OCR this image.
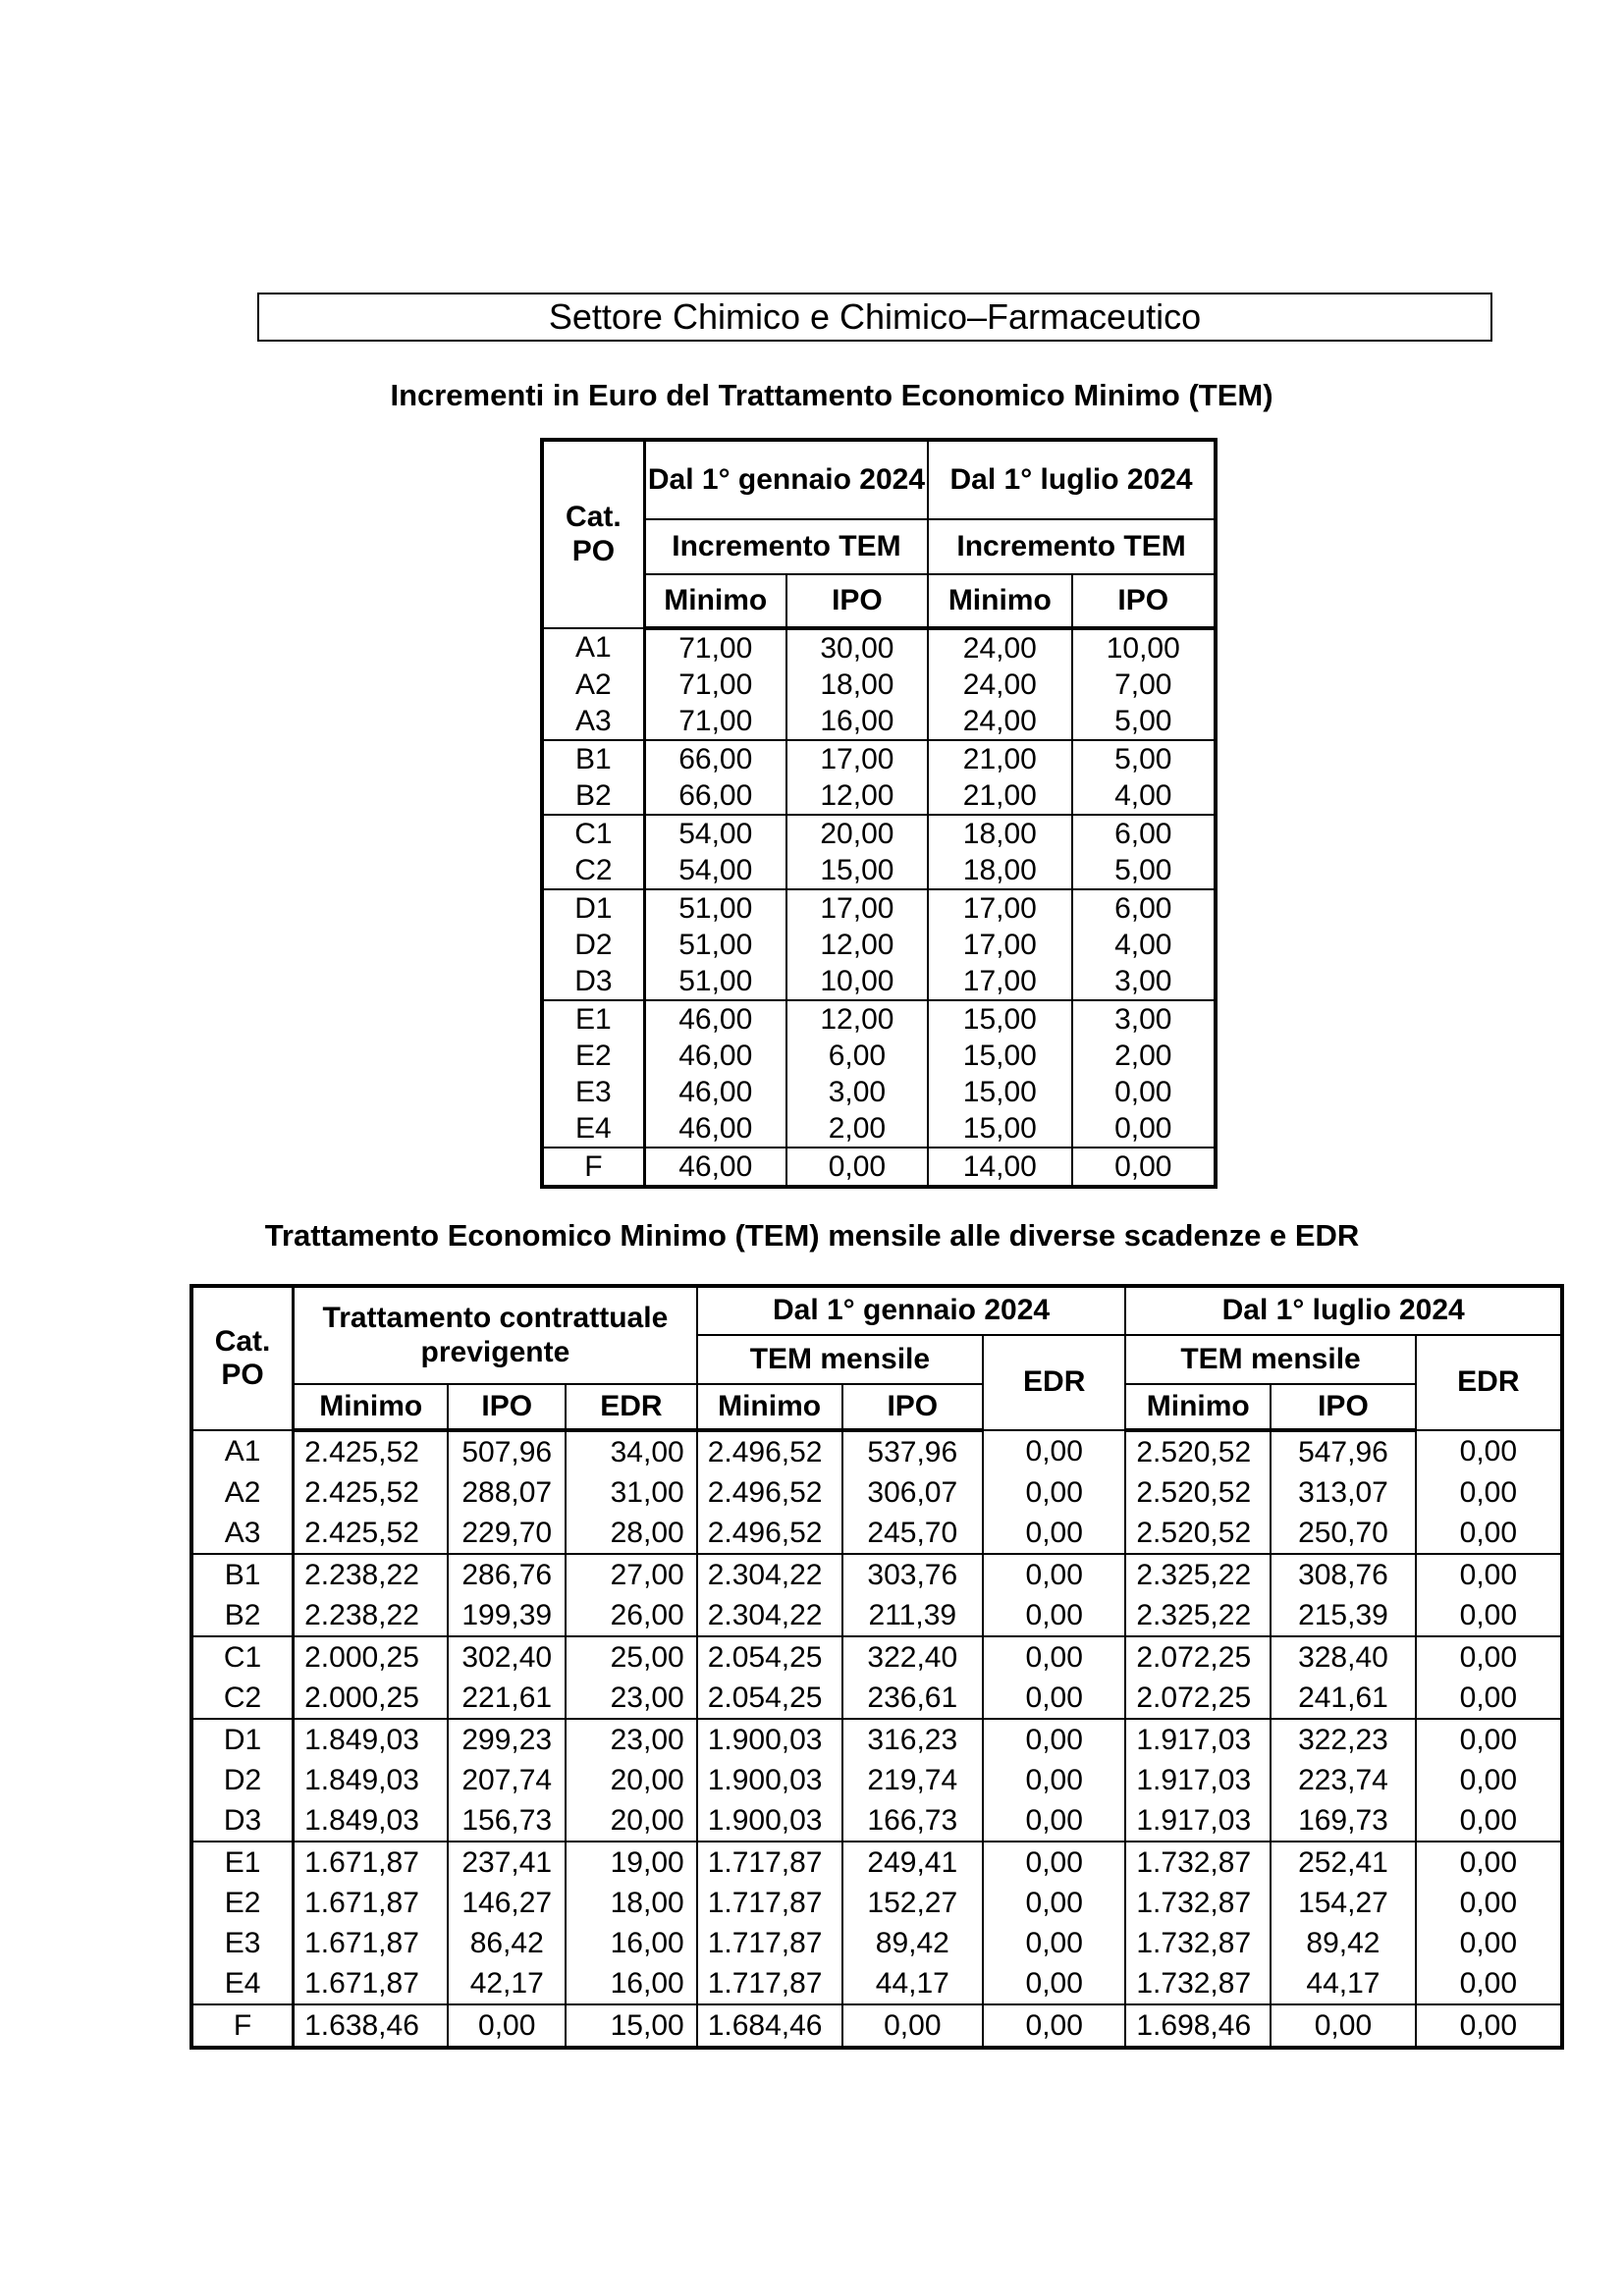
Settore Chimico e Chimico–Farmaceutico
Incrementi in Euro del Trattamento Economico Minimo (TEM)
Cat. PO	Dal 1° gennaio 2024		Dal 1° luglio 2024	
	Incremento TEM		Incremento TEM	
	Minimo	IPO	Minimo	IPO
A1	71,00	30,00	24,00	10,00
A2	71,00	18,00	24,00	7,00
A3	71,00	16,00	24,00	5,00
B1	66,00	17,00	21,00	5,00
B2	66,00	12,00	21,00	4,00
C1	54,00	20,00	18,00	6,00
C2	54,00	15,00	18,00	5,00
D1	51,00	17,00	17,00	6,00
D2	51,00	12,00	17,00	4,00
D3	51,00	10,00	17,00	3,00
E1	46,00	12,00	15,00	3,00
E2	46,00	6,00	15,00	2,00
E3	46,00	3,00	15,00	0,00
E4	46,00	2,00	15,00	0,00
F	46,00	0,00	14,00	0,00
Trattamento Economico Minimo (TEM) mensile alle diverse scadenze e EDR
Cat. PO	Trattamento contrattuale previgente			Dal 1° gennaio 2024			Dal 1° luglio 2024		
				TEM mensile		EDR	TEM mensile		EDR
	Minimo	IPO	EDR	Minimo	IPO		Minimo	IPO	
A1	2.425,52	507,96	34,00	2.496,52	537,96	0,00	2.520,52	547,96	0,00
A2	2.425,52	288,07	31,00	2.496,52	306,07	0,00	2.520,52	313,07	0,00
A3	2.425,52	229,70	28,00	2.496,52	245,70	0,00	2.520,52	250,70	0,00
B1	2.238,22	286,76	27,00	2.304,22	303,76	0,00	2.325,22	308,76	0,00
B2	2.238,22	199,39	26,00	2.304,22	211,39	0,00	2.325,22	215,39	0,00
C1	2.000,25	302,40	25,00	2.054,25	322,40	0,00	2.072,25	328,40	0,00
C2	2.000,25	221,61	23,00	2.054,25	236,61	0,00	2.072,25	241,61	0,00
D1	1.849,03	299,23	23,00	1.900,03	316,23	0,00	1.917,03	322,23	0,00
D2	1.849,03	207,74	20,00	1.900,03	219,74	0,00	1.917,03	223,74	0,00
D3	1.849,03	156,73	20,00	1.900,03	166,73	0,00	1.917,03	169,73	0,00
E1	1.671,87	237,41	19,00	1.717,87	249,41	0,00	1.732,87	252,41	0,00
E2	1.671,87	146,27	18,00	1.717,87	152,27	0,00	1.732,87	154,27	0,00
E3	1.671,87	86,42	16,00	1.717,87	89,42	0,00	1.732,87	89,42	0,00
E4	1.671,87	42,17	16,00	1.717,87	44,17	0,00	1.732,87	44,17	0,00
F	1.638,46	0,00	15,00	1.684,46	0,00	0,00	1.698,46	0,00	0,00
